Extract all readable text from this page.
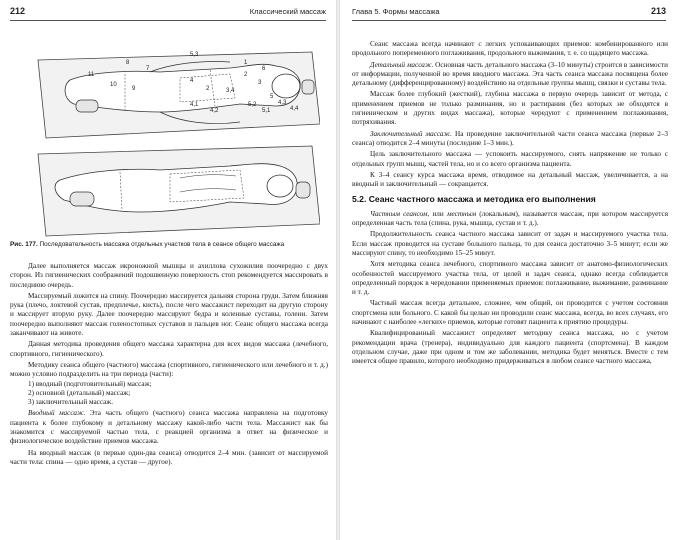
212	Классический массаж
5,3
1
2
3
6
5
4,3
8
7
11
10
9
4
2	3,4
4,1
4,2
5,2
5,1	4,4
Рис. 177. Последовательность массажа отдельных участков тела в сеансе общего массажа

Далее выполняется массаж икроножной мышцы и ахиллова сухожилия поочередно с двух сторон. Из гигиенических соображений подошвенную поверхность стоп рекомендуется массировать в последнюю очередь.

Массируемый ложится на спину. Поочередно массируется дальняя сторона груди. Затем ближняя рука (плечо, локтевой сустав, предплечье, кисть), после чего массажист переходит на другую сторону и массирует вторую руку. Далее поочередно массируют бедра и коленные суставы, голени. Затем поочередно выполняют массаж голеностопных суставов и пальцев ног. Сеанс общего массажа всегда заканчивают на животе.

Данная методика проведения общего массажа характерна для всех видов массажа (лечебного, спортивного, гигиенического).

Методику сеанса общего (частного) массажа (спортивного, гигиенического или лечебного и т. д.) можно условно подразделить на три периода (части):

1) вводный (подготовительный) массаж;

2) основной (детальный) массаж;

3) заключительный массаж.

Вводный массаж. Эта часть общего (частного) сеанса массажа направлена на подготовку пациента к более глубокому и детальному массажу какой-либо части тела. Массажист как бы знакомится с массируемой частью тела, с реакцией организма в ответ на физическое и физиологическое воздействие приемов массажа.

На вводный массаж (в первые один-два сеанса) отводится 2–4 мин. (зависит от массируемой части тела: спина — одно время, а сустав — другое).

Глава 5. Формы массажа	213

Сеанс массажа всегда начинают с легких успокаивающих приемов: комбинированного или продольного попеременного поглаживания, продольного выжимания, т. е. со щадящего массажа.

Детальный массаж. Основная часть детального массажа (3–10 минуты) строится в зависимости от информации, полученной во время вводного массажа. Эта часть сеанса массажа посвящена более детальному (дифференцированному) воздействию на отдельные группы мышц, связки и суставы тела.

Массаж более глубокий (жесткий), глубина массажа в первую очередь зависит от метода, с применением приемов не только разминания, но и растирания (без которых не обходятся в гигиеническом и других видах массажа), которые чередуют с применением поглаживания, потряхивания.

Заключительный массаж. На проведение заключительной части сеанса массажа (первые 2–3 сеанса) отводится 2–4 минуты (последние 1–3 мин.).

Цель заключительного массажа — успокоить массируемого, снять напряжение не только с отдельных групп мышц, частей тела, но и со всего организма пациента.

К 3–4 сеансу курса массажа время, отводимое на детальный массаж, увеличивается, а на вводный и заключительный — сокращается.

5.2. Сеанс частного массажа и методика его выполнения

Частным сеансом, или местным (локальным), называется массаж, при котором массируется определенная часть тела (спина, рука, мышца, сустав и т. д.).

Продолжительность сеанса частного массажа зависит от задач и массируемого участка тела. Если массаж проводится на суставе большого пальца, то для сеанса достаточно 3–5 минут; если же массируют спину, то необходимо 15–25 минут.

Хотя методика сеанса лечебного, спортивного массажа зависит от анатомо-физиологических особенностей массируемого участка тела, от целей и задач сеанса, однако всегда соблюдается определенный порядок в чередовании применяемых приемов: поглаживание, выжимание, разминание и т. д.

Частный массаж всегда детальнее, сложнее, чем общий, он проводится с учетом состояния спортсмена или больного. С какой бы целью ни проводили сеанс массажа, всегда, во всех случаях, его начинают с наиболее «легких» приемов, которые готовят пациента к приятию процедуры.

Квалифицированный массажист определяет методику сеанса массажа, но с учетом рекомендации врача (тренера), индивидуально для каждого пациента (спортсмена). В каждом отдельном случае, даже при одном и том же заболевании, методика будет меняться. Вместе с тем имеется общее правило, которого необходимо придерживаться в любом сеансе частного массажа,
